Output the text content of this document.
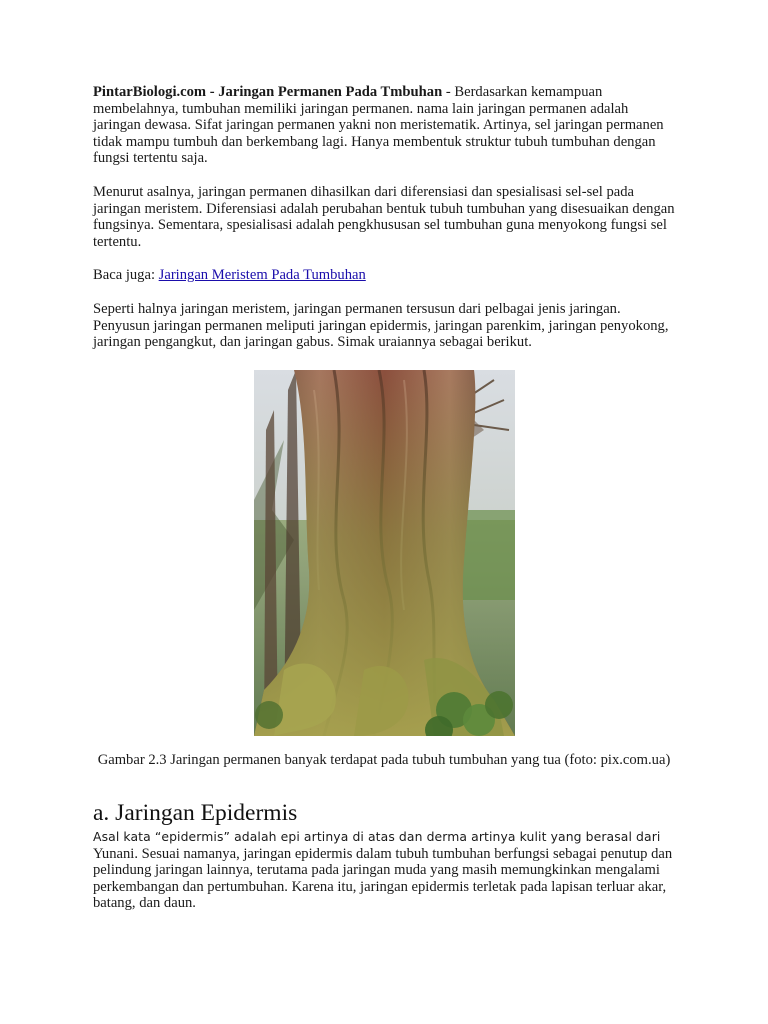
PintarBiologi.com - Jaringan Permanen Pada Tmbuhan - Berdasarkan kemampuan membelahnya, tumbuhan memiliki jaringan permanen. nama lain jaringan permanen adalah jaringan dewasa. Sifat jaringan permanen yakni non meristematik. Artinya, sel jaringan permanen tidak mampu tumbuh dan berkembang lagi. Hanya membentuk struktur tubuh tumbuhan dengan fungsi tertentu saja.

Menurut asalnya, jaringan permanen dihasilkan dari diferensiasi dan spesialisasi sel-sel pada jaringan meristem. Diferensiasi adalah perubahan bentuk tubuh tumbuhan yang disesuaikan dengan fungsinya. Sementara, spesialisasi adalah pengkhususan sel tumbuhan guna menyokong fungsi sel tertentu.

Baca juga: Jaringan Meristem Pada Tumbuhan

Seperti halnya jaringan meristem, jaringan permanen tersusun dari pelbagai jenis jaringan. Penyusun jaringan permanen meliputi jaringan epidermis, jaringan parenkim, jaringan penyokong, jaringan pengangkut, dan jaringan gabus. Simak uraiannya sebagai berikut.

Gambar 2.3 Jaringan permanen banyak terdapat pada tubuh tumbuhan yang tua (foto: pix.com.ua)

a. Jaringan Epidermis

Asal kata “epidermis” adalah epi artinya di atas dan derma artinya kulit yang berasal dari Yunani. Sesuai namanya, jaringan epidermis dalam tubuh tumbuhan berfungsi sebagai penutup dan pelindung jaringan lainnya, terutama pada jaringan muda yang masih memungkinkan mengalami perkembangan dan pertumbuhan. Karena itu, jaringan epidermis terletak pada lapisan terluar akar, batang, dan daun.
